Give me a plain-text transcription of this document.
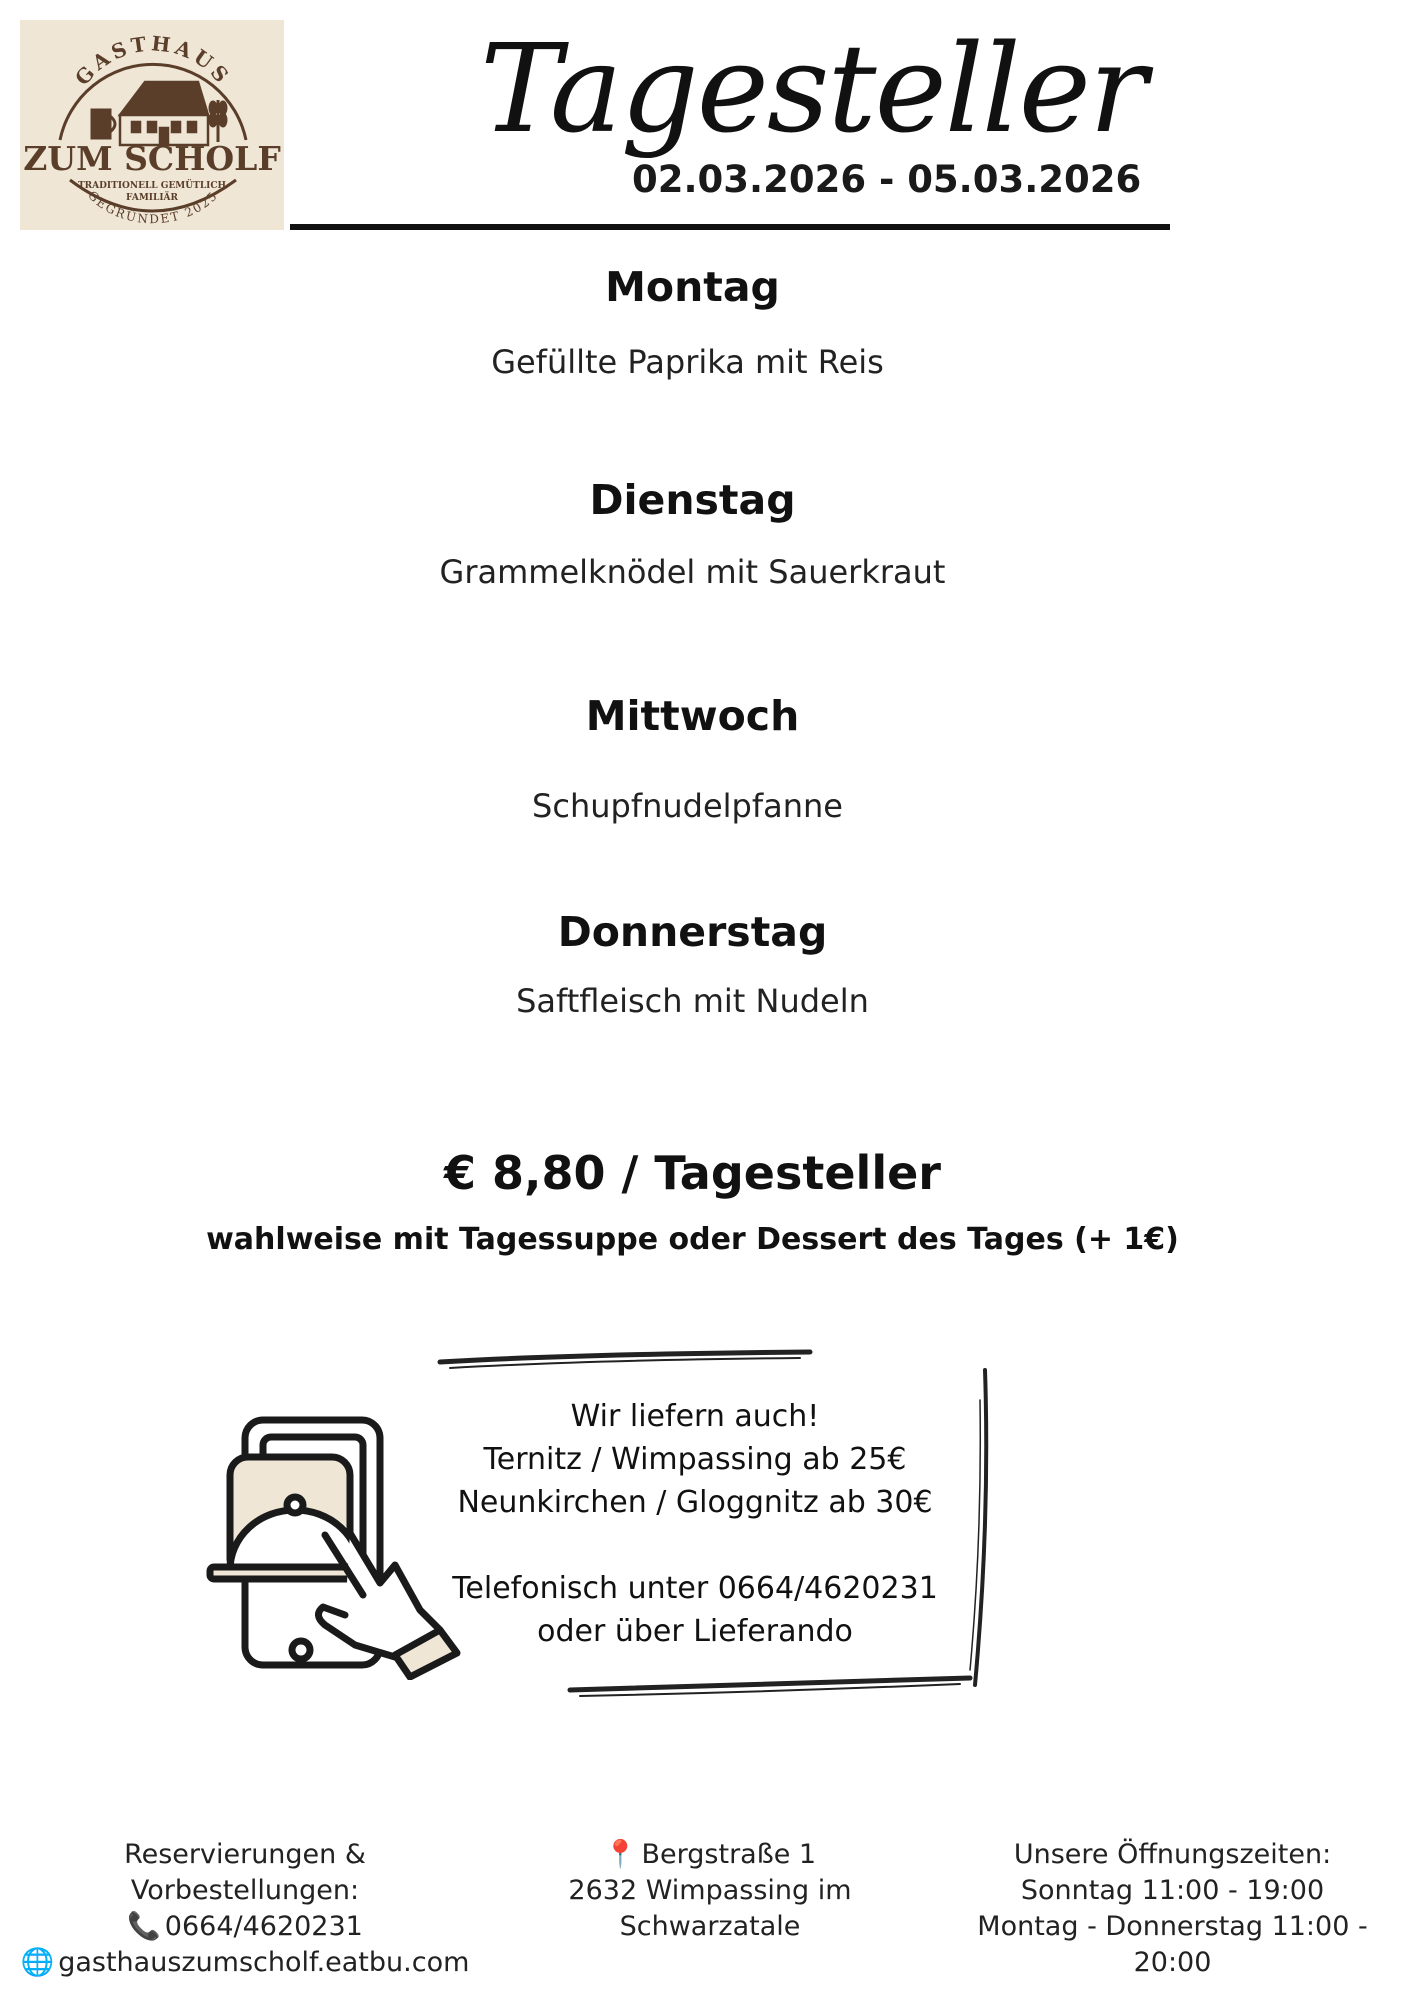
GASTHAUS
ZUM SCHOLF
TRADITIONELL GEMÜTLICH
FAMILIÄR
GEGRÜNDET 2025
Tagesteller
02.03.2026 - 05.03.2026
Montag
Gefüllte Paprika mit Reis
Dienstag
Grammelknödel mit Sauerkraut
Mittwoch
Schupfnudelpfanne
Donnerstag
Saftfleisch mit Nudeln
€ 8,80 / Tagesteller
wahlweise mit Tagessuppe oder Dessert des Tages (+ 1€)
Wir liefern auch!
Ternitz / Wimpassing ab 25€
Neunkirchen / Gloggnitz ab 30€
Telefonisch unter 0664/4620231
oder über Lieferando
Reservierungen & Vorbestellungen:
📞 0664/4620231
🌐 gasthauszumscholf.eatbu.com
📍 Bergstraße 1
2632 Wimpassing im Schwarzatale
Unsere Öffnungszeiten:
Sonntag 11:00 - 19:00
Montag - Donnerstag 11:00 - 20:00
